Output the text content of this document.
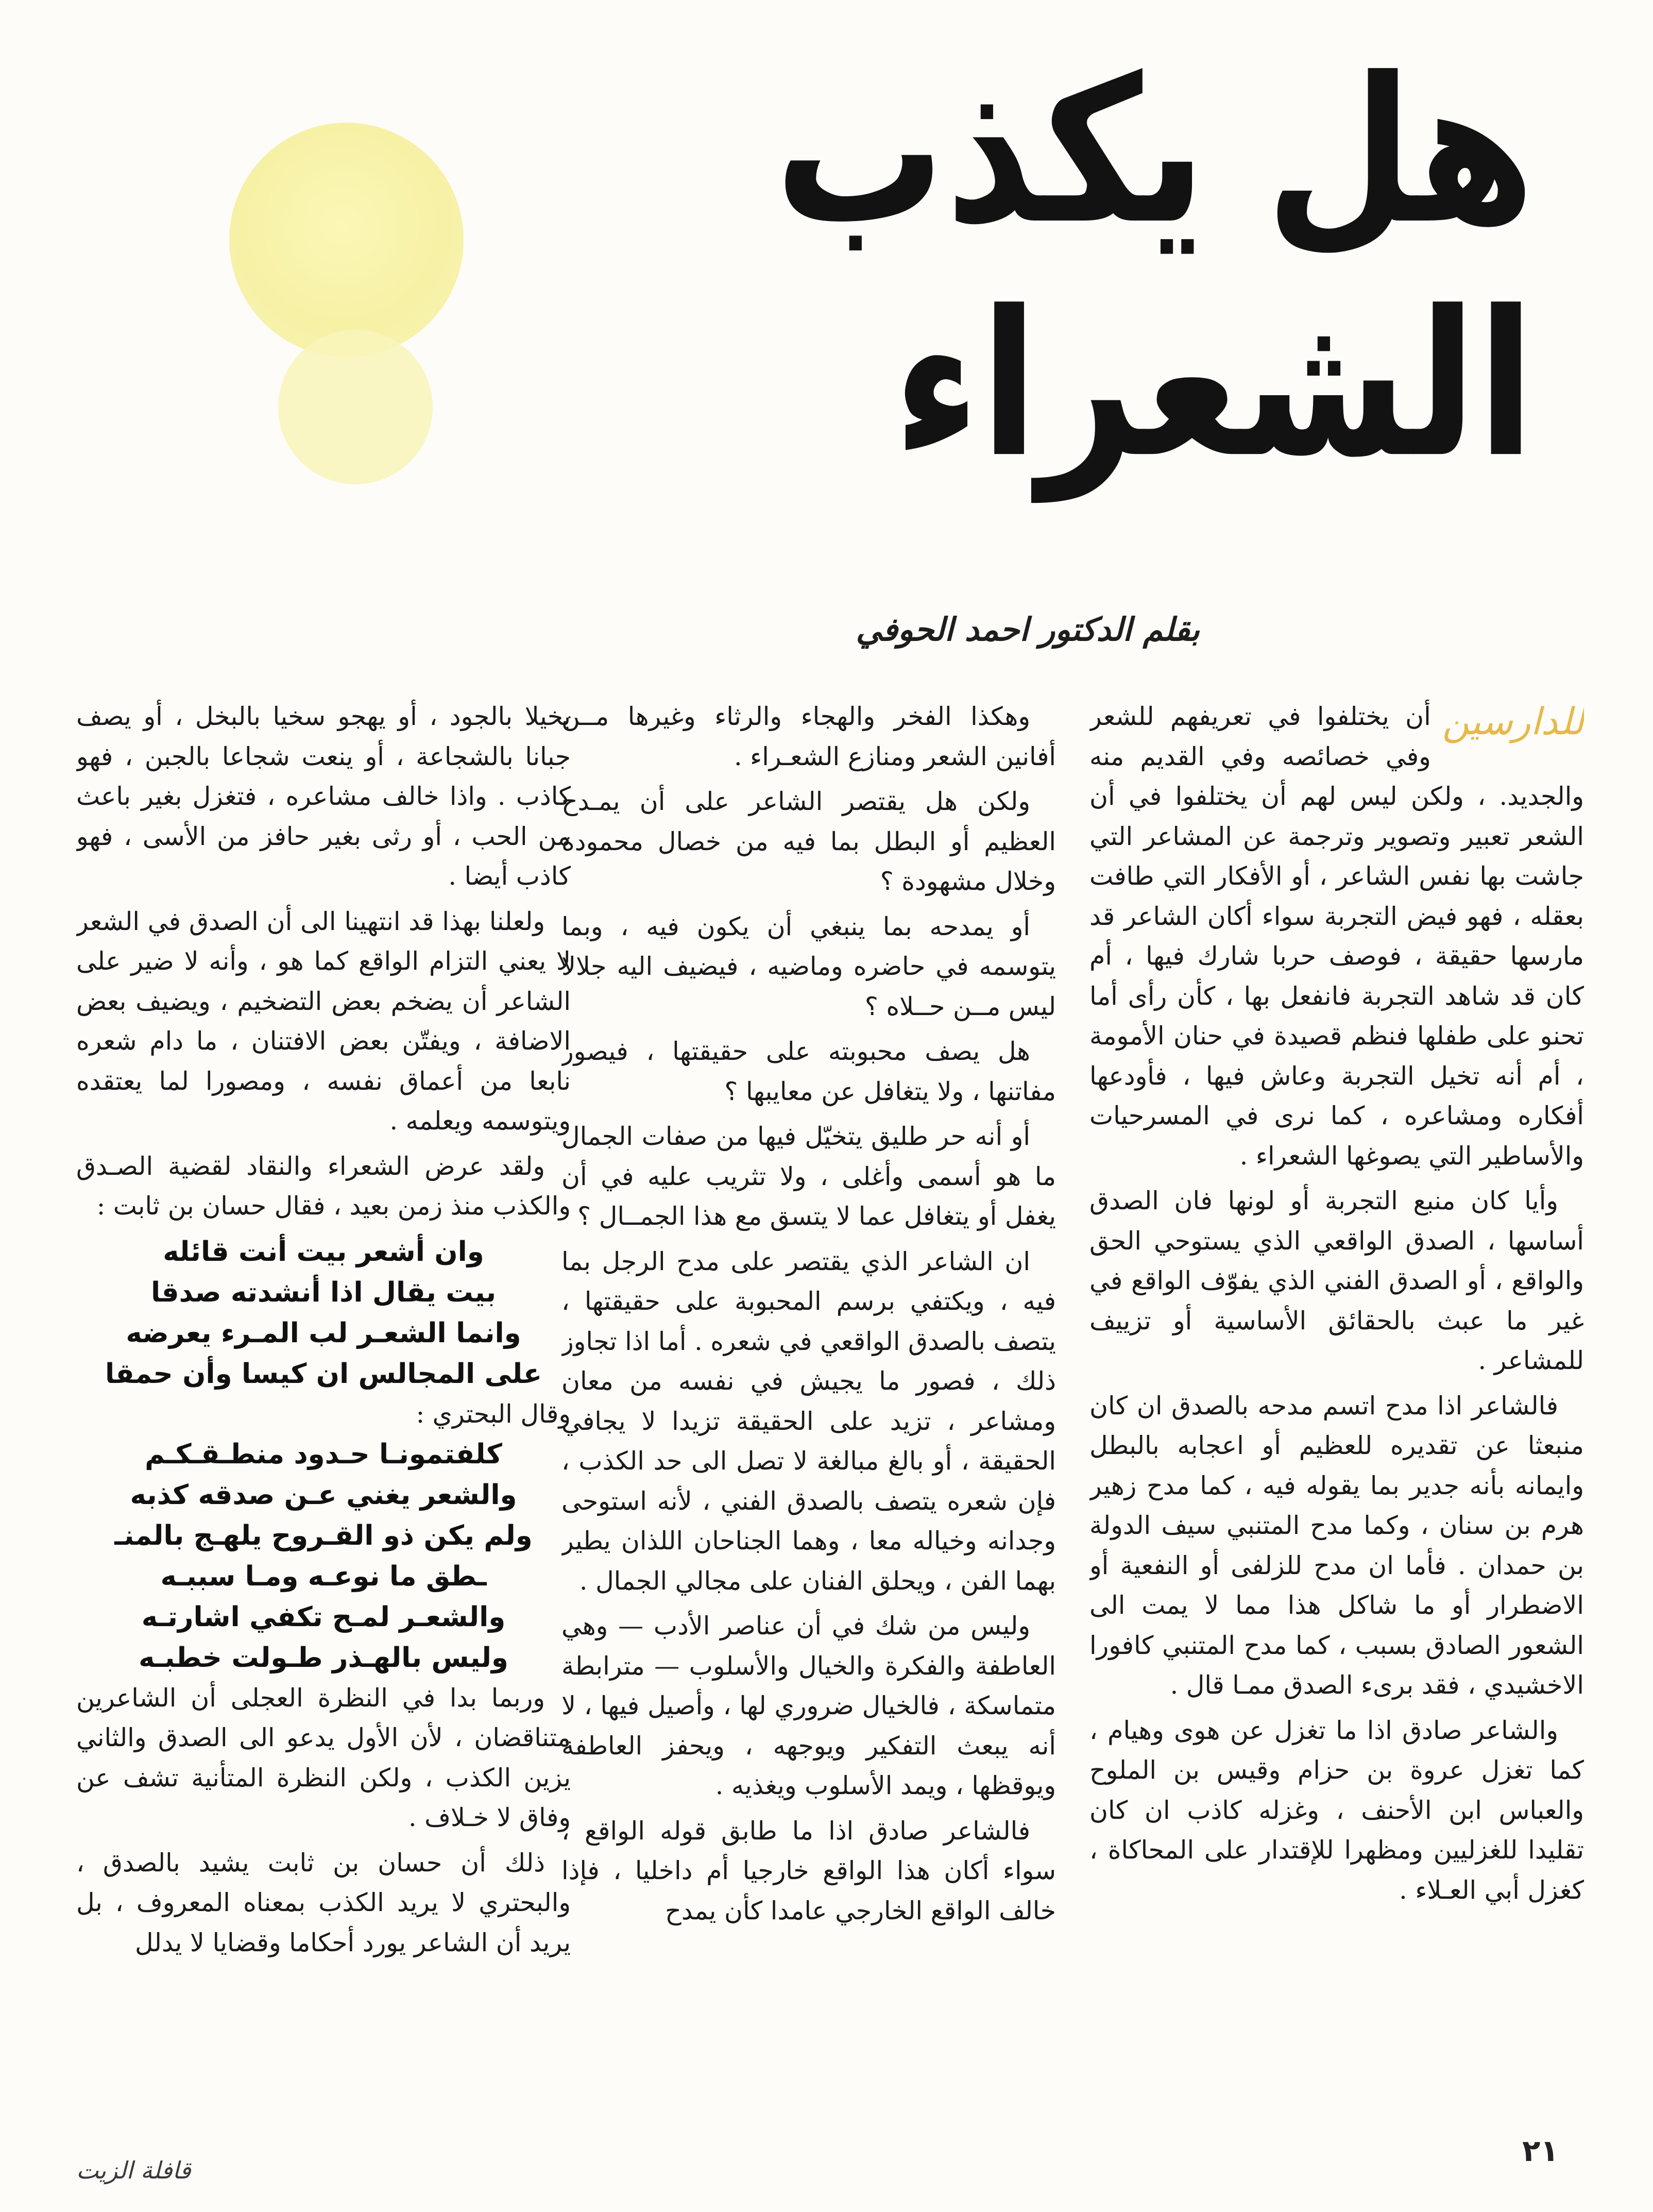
هل يكذب الشعراء
بقلم الدكتور احمد الحوفي

للدارسين
أن يختلفوا في تعريفهم للشعر وفي خصائصه وفي القديم منه والجديد. ، ولكن ليس لهم أن يختلفوا في أن الشعر تعبير وتصوير وترجمة عن المشاعر التي جاشت بها نفس الشاعر ، أو الأفكار التي طافت بعقله ، فهو فيض التجربة سواء أكان الشاعر قد مارسها حقيقة ، فوصف حربا شارك فيها ، أم كان قد شاهد التجربة فانفعل بها ، كأن رأى أما تحنو على طفلها فنظم قصيدة في حنان الأمومة ، أم أنه تخيل التجربة وعاش فيها ، فأودعها أفكاره ومشاعره ، كما نرى في المسرحيات والأساطير التي يصوغها الشعراء .

وأيا كان منبع التجربة أو لونها فان الصدق أساسها ، الصدق الواقعي الذي يستوحي الحق والواقع ، أو الصدق الفني الذي يفوّف الواقع في غير ما عبث بالحقائق الأساسية أو تزييف للمشاعر .

فالشاعر اذا مدح اتسم مدحه بالصدق ان كان منبعثا عن تقديره للعظيم أو اعجابه بالبطل وايمانه بأنه جدير بما يقوله فيه ، كما مدح زهير هرم بن سنان ، وكما مدح المتنبي سيف الدولة بن حمدان . فأما ان مدح للزلفى أو النفعية أو الاضطرار أو ما شاكل هذا مما لا يمت الى الشعور الصادق بسبب ، كما مدح المتنبي كافورا الاخشيدي ، فقد برىء الصدق ممـا قال .

والشاعر صادق اذا ما تغزل عن هوى وهيام ، كما تغزل عروة بن حزام وقيس بن الملوح والعباس ابن الأحنف ، وغزله كاذب ان كان تقليدا للغزليين ومظهرا للإقتدار على المحاكاة ، كغزل أبي العـلاء .

وهكذا الفخر والهجاء والرثاء وغيرها مــن أفانين الشعر ومنازع الشعـراء .

ولكن هل يقتصر الشاعر على أن يمـدح العظيم أو البطل بما فيه من خصال محمودة وخلال مشهودة ؟

أو يمدحه بما ينبغي أن يكون فيه ، وبما يتوسمه في حاضره وماضيه ، فيضيف اليه جلالا ليس مــن حــلاه ؟

هل يصف محبوبته على حقيقتها ، فيصور مفاتنها ، ولا يتغافل عن معايبها ؟

أو أنه حر طليق يتخيّل فيها من صفات الجمال ما هو أسمى وأغلى ، ولا تثريب عليه في أن يغفل أو يتغافل عما لا يتسق مع هذا الجمــال ؟

ان الشاعر الذي يقتصر على مدح الرجل بما فيه ، ويكتفي برسم المحبوبة على حقيقتها ، يتصف بالصدق الواقعي في شعره . أما اذا تجاوز ذلك ، فصور ما يجيش في نفسه من معان ومشاعر ، تزيد على الحقيقة تزيدا لا يجافي الحقيقة ، أو بالغ مبالغة لا تصل الى حد الكذب ، فإن شعره يتصف بالصدق الفني ، لأنه استوحى وجدانه وخياله معا ، وهما الجناحان اللذان يطير بهما الفن ، ويحلق الفنان على مجالي الجمال .

وليس من شك في أن عناصر الأدب — وهي العاطفة والفكرة والخيال والأسلوب — مترابطة متماسكة ، فالخيال ضروري لها ، وأصيل فيها ، لا أنه يبعث التفكير ويوجهه ، ويحفز العاطفة ويوقظها ، ويمد الأسلوب ويغذيه .

فالشاعر صادق اذا ما طابق قوله الواقع ، سواء أكان هذا الواقع خارجيا أم داخليا ، فإذا خالف الواقع الخارجي عامدا كأن يمدح

بخيلا بالجود ، أو يهجو سخيا بالبخل ، أو يصف جبانا بالشجاعة ، أو ينعت شجاعا بالجبن ، فهو كاذب . واذا خالف مشاعره ، فتغزل بغير باعث من الحب ، أو رثى بغير حافز من الأسى ، فهو كاذب أيضا .

ولعلنا بهذا قد انتهينا الى أن الصدق في الشعر لا يعني التزام الواقع كما هو ، وأنه لا ضير على الشاعر أن يضخم بعض التضخيم ، ويضيف بعض الاضافة ، ويفتّن بعض الافتنان ، ما دام شعره نابعا من أعماق نفسه ، ومصورا لما يعتقده ويتوسمه ويعلمه .

ولقد عرض الشعراء والنقاد لقضية الصـدق والكذب منذ زمن بعيد ، فقال حسان بن ثابت :

وان أشعر بيت أنت قائله

بيت يقال اذا أنشدته صدقا

وانما الشعـر لب المـرء يعرضه

على المجالس ان كيسا وأن حمقا

وقال البحتري :

كلفتمونـا حـدود منطـقـكـم

والشعر يغني عـن صدقه كذبه

ولم يكن ذو القـروح يلهـج بالمنـ

ـطق ما نوعـه ومـا سببـه

والشعـر لمـح تكفي اشارتـه

وليس بالهـذر طـولت خطبـه

وربما بدا في النظرة العجلى أن الشاعرين متناقضان ، لأن الأول يدعو الى الصدق والثاني يزين الكذب ، ولكن النظرة المتأنية تشف عن وفاق لا خـلاف .

ذلك أن حسان بن ثابت يشيد بالصدق ، والبحتري لا يريد الكذب بمعناه المعروف ، بل يريد أن الشاعر يورد أحكاما وقضايا لا يدلل

٢١
قافلة الزيت
